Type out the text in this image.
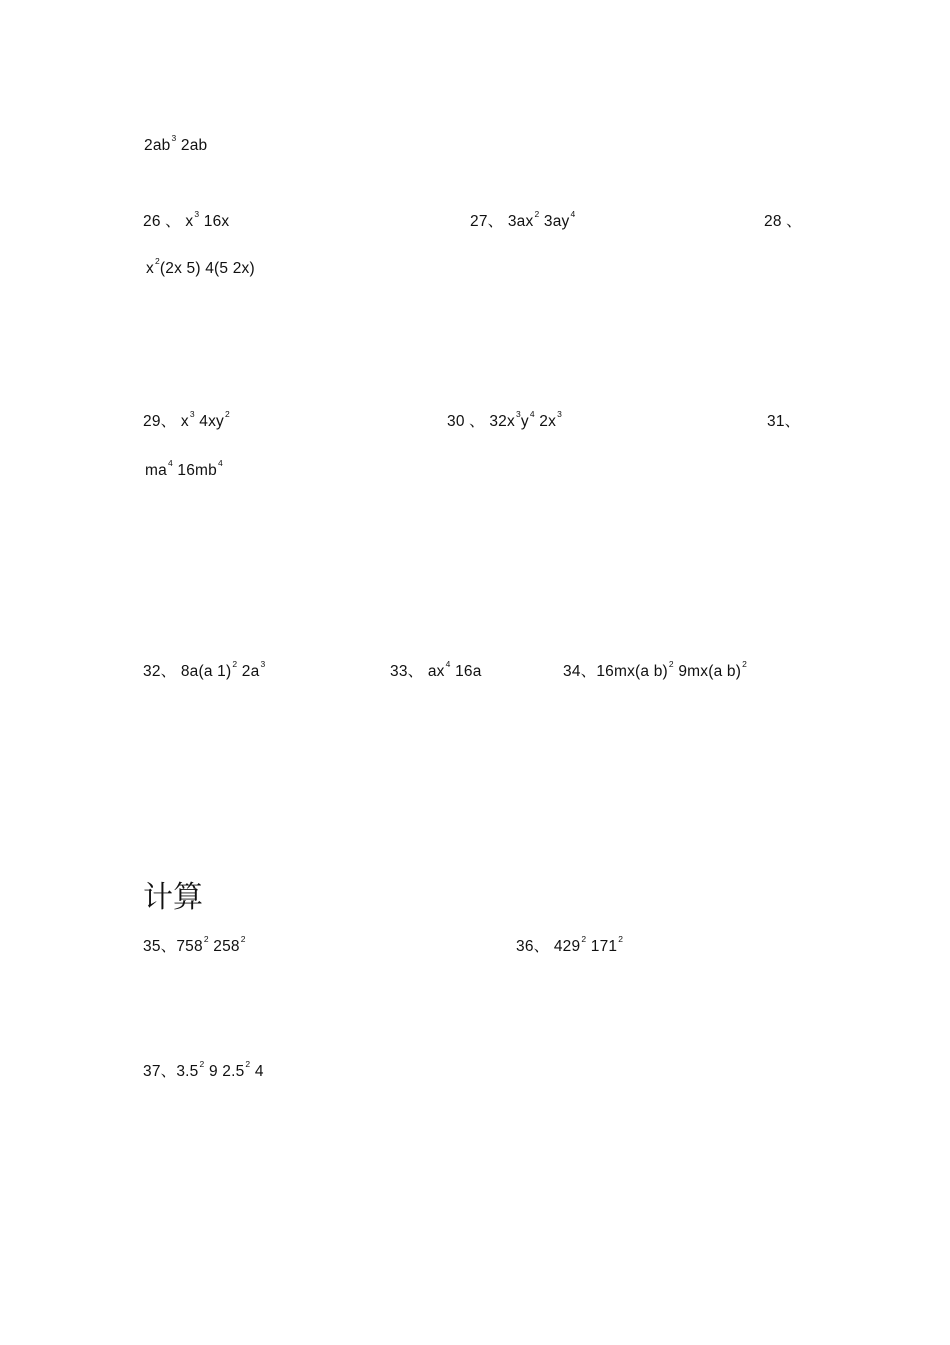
$2ab^3$ 2ab
26 、 $x^3$ 16x	27、 $3ax^2$ $3ay^4$	28 、
$x^2(2x$ 5) 4(5 2x)
29、 $x^3$ $4xy^2$	30 、 $32x^3y^4$ $2x^3$	31、
$ma^4$ $16mb^4$
32、 8a(a 1)$^2$ $2a^3$	33、 $ax^4$ 16a	34、16mx(a b)$^2$ 9mx(a b)$^2$
计算
35、$758^2$ $258^2$	36、 $429^2$ $171^2$
37、$3.5^2$ 9 $2.5^2$ 4
